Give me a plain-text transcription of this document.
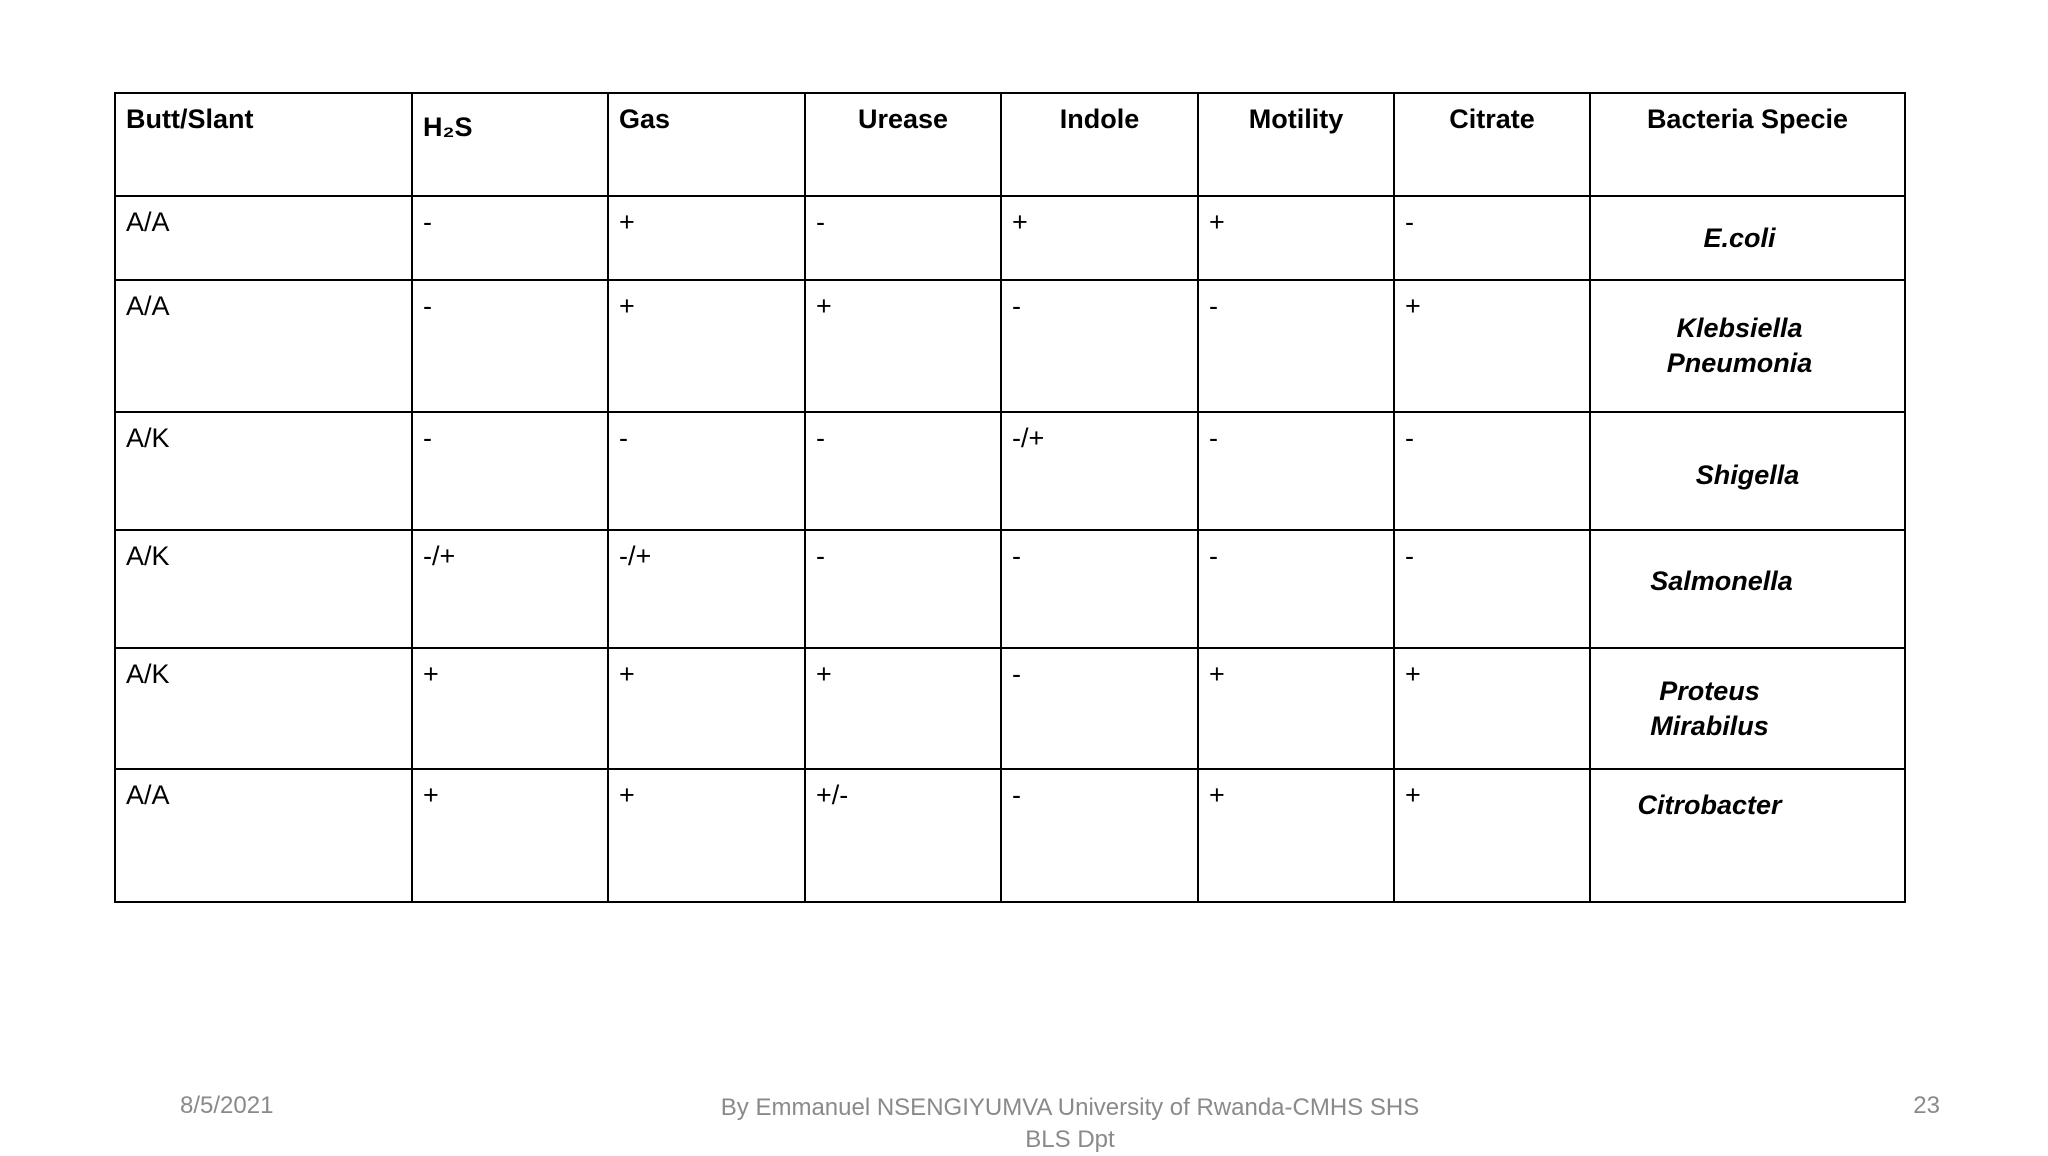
Butt/Slant	H₂S	Gas	Urease	Indole	Motility	Citrate	Bacteria Specie
A/A	-	+	-	+	+	-	E.coli
A/A	-	+	+	-	-	+	Klebsiella
Pneumonia
A/K	-	-	-	-/+	-	-	Shigella
A/K	-/+	-/+	-	-	-	-	Salmonella
A/K	+	+	+	-	+	+	Proteus
Mirabilus
A/A	+	+	+/-	-	+	+	Citrobacter
8/5/2021	By Emmanuel NSENGIYUMVA University of Rwanda-CMHS SHS
BLS Dpt
23
